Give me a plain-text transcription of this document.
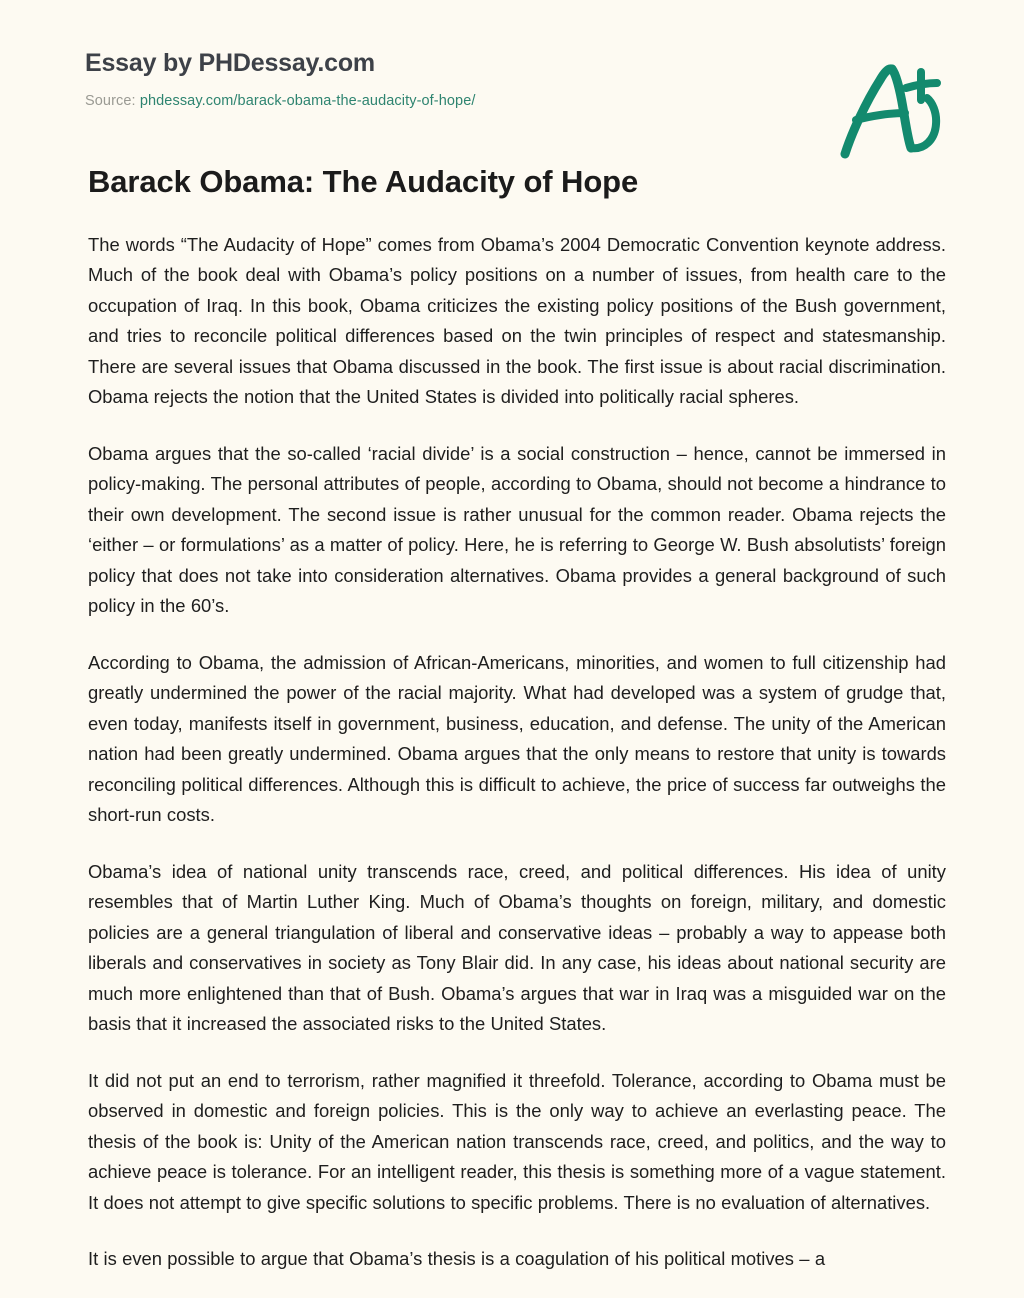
Essay by PHDessay.com
Source: phdessay.com/barack-obama-the-audacity-of-hope/
Barack Obama: The Audacity of Hope

The words “The Audacity of Hope” comes from Obama’s 2004 Democratic Convention keynote address. Much of the book deal with Obama’s policy positions on a number of issues, from health care to the occupation of Iraq. In this book, Obama criticizes the existing policy positions of the Bush government, and tries to reconcile political differences based on the twin principles of respect and statesmanship. There are several issues that Obama discussed in the book. The first issue is about racial discrimination. Obama rejects the notion that the United States is divided into politically racial spheres.

Obama argues that the so-called ‘racial divide’ is a social construction – hence, cannot be immersed in policy-making. The personal attributes of people, according to Obama, should not become a hindrance to their own development. The second issue is rather unusual for the common reader. Obama rejects the ‘either – or formulations’ as a matter of policy. Here, he is referring to George W. Bush absolutists’ foreign policy that does not take into consideration alternatives. Obama provides a general background of such policy in the 60’s.

According to Obama, the admission of African-Americans, minorities, and women to full citizenship had greatly undermined the power of the racial majority. What had developed was a system of grudge that, even today, manifests itself in government, business, education, and defense. The unity of the American nation had been greatly undermined. Obama argues that the only means to restore that unity is towards reconciling political differences. Although this is difficult to achieve, the price of success far outweighs the short-run costs.

Obama’s idea of national unity transcends race, creed, and political differences. His idea of unity resembles that of Martin Luther King. Much of Obama’s thoughts on foreign, military, and domestic policies are a general triangulation of liberal and conservative ideas – probably a way to appease both liberals and conservatives in society as Tony Blair did. In any case, his ideas about national security are much more enlightened than that of Bush. Obama’s argues that war in Iraq was a misguided war on the basis that it increased the associated risks to the United States.

It did not put an end to terrorism, rather magnified it threefold. Tolerance, according to Obama must be observed in domestic and foreign policies. This is the only way to achieve an everlasting peace. The thesis of the book is: Unity of the American nation transcends race, creed, and politics, and the way to achieve peace is tolerance. For an intelligent reader, this thesis is something more of a vague statement. It does not attempt to give specific solutions to specific problems. There is no evaluation of alternatives.

It is even possible to argue that Obama’s thesis is a coagulation of his political motives – a
